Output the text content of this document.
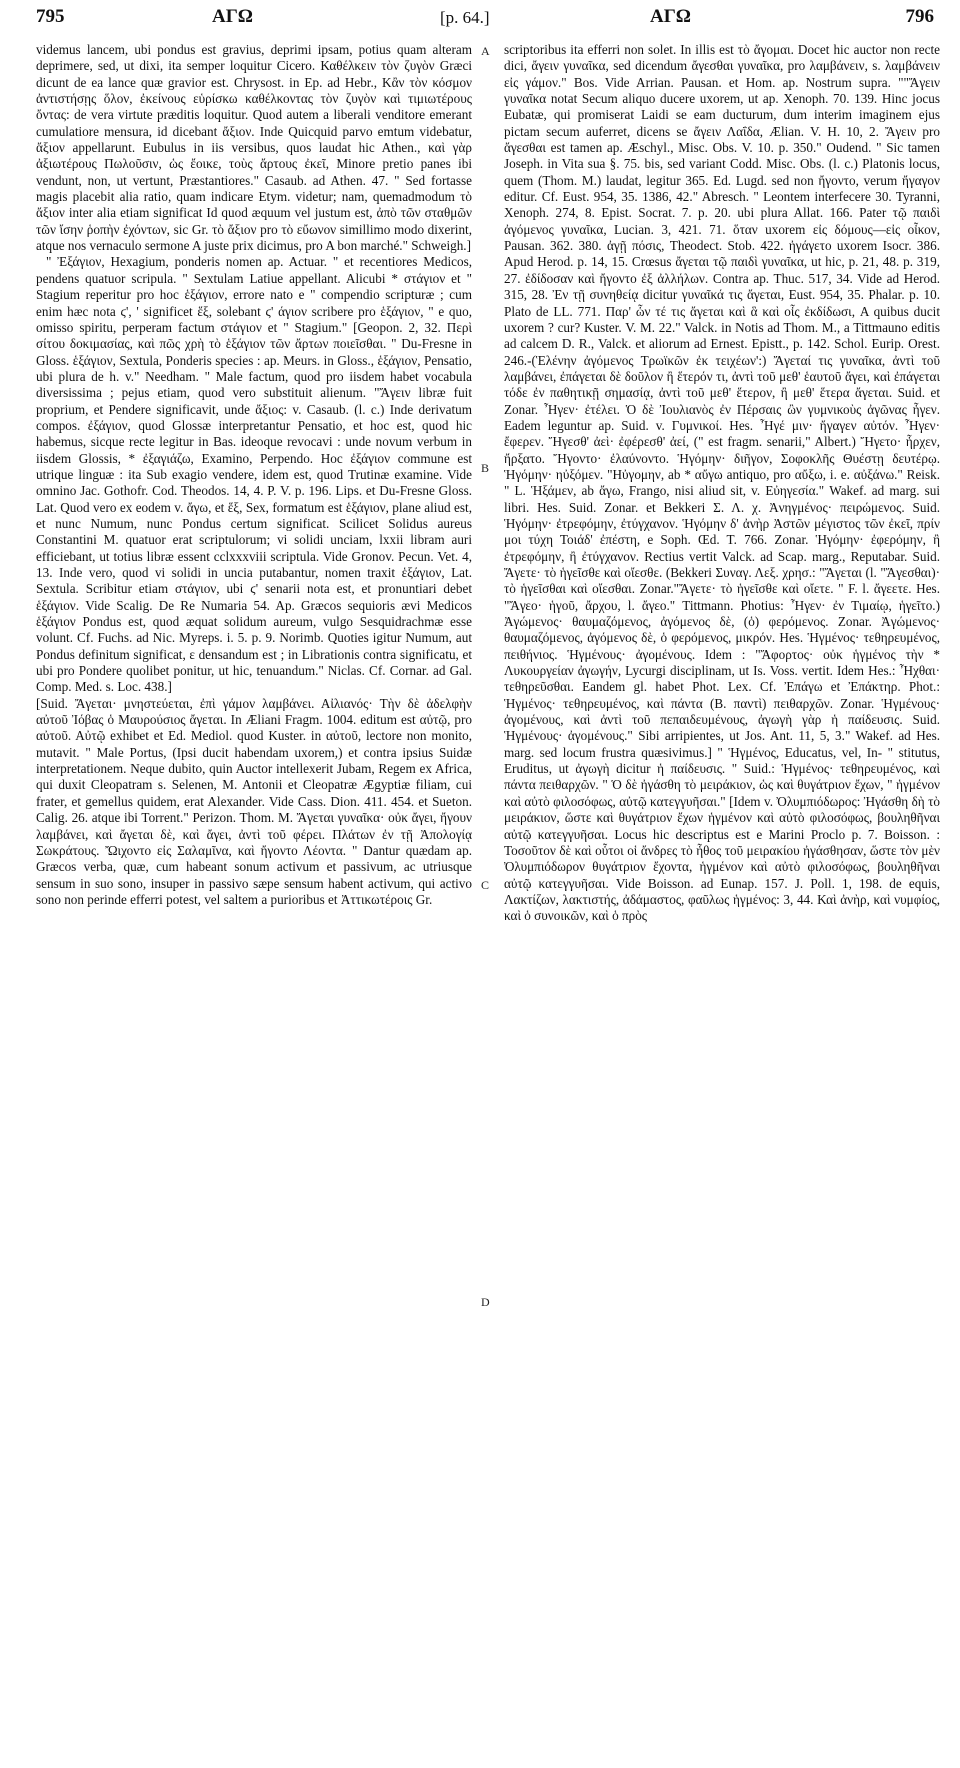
795	ΑΓΩ	[p. 64.]	ΑΓΩ	796
A
B
C
D

videmus lancem, ubi pondus est gravius, deprimi ipsam, potius quam alteram deprimere, sed, ut dixi, ita semper loquitur Cicero. Καθέλκειν τὸν ζυγὸν Græci dicunt de ea lance quæ gravior est. Chrysost. in Ep. ad Hebr., Κἂν τὸν κόσμον ἀντιστήσῃς ὅλον, ἐκείνους εὑρίσκω καθέλκοντας τὸν ζυγὸν καὶ τιμιωτέρους ὄντας: de vera virtute præditis loquitur. Quod autem a liberali venditore emerant cumulatiore mensura, id dicebant ἄξιον. Inde Quicquid parvo emtum videbatur, ἄξιον appellarunt. Eubulus in iis versibus, quos laudat hic Athen., καὶ γὰρ ἀξιωτέρους Πωλοῦσιν, ὡς ἔοικε, τοὺς ἄρτους ἐκεῖ, Minore pretio panes ibi vendunt, non, ut vertunt, Præstantiores." Casaub. ad Athen. 47. " Sed fortasse magis placebit alia ratio, quam indicare Etym. videtur; nam, quemadmodum τὸ ἄξιον inter alia etiam significat Id quod æquum vel justum est, ἀπὸ τῶν σταθμῶν τῶν ἴσην ῥοπὴν ἐχόντων, sic Gr. τὸ ἄξιον pro τὸ εὔωνον simillimo modo dixerint, atque nos vernaculo sermone A juste prix dicimus, pro A bon marché." Schweigh.]

" Ἐξάγιον, Hexagium, ponderis nomen ap. Actuar. " et recentiores Medicos, pendens quatuor scripula. " Sextulam Latiue appellant. Alicubi * στάγιον et " Stagium reperitur pro hoc ἑξάγιον, errore nato e " compendio scripturæ ; cum enim hæc nota ϛ', ' significet ἕξ, solebant ϛ' άγιον scribere pro ἑξάγιον, " e quo, omisso spiritu, perperam factum στάγιον et " Stagium." [Geopon. 2, 32. Περὶ σίτου δοκιμασίας, καὶ πῶς χρὴ τὸ ἑξάγιον τῶν ἄρτων ποιεῖσθαι. " Du-Fresne in Gloss. ἑξάγιον, Sextula, Ponderis species : ap. Meurs. in Gloss., ἑξάγιον, Pensatio, ubi plura de h. v." Needham. " Male factum, quod pro iisdem habet vocabula diversissima ; pejus etiam, quod vero substituit alienum. "Ἄγειν libræ fuit proprium, et Pendere significavit, unde ἄξιος: v. Casaub. (l. c.) Inde derivatum compos. ἐξάγιον, quod Glossæ interpretantur Pensatio, et hoc est, quod hic habemus, sicque recte legitur in Bas. ideoque revocavi : unde novum verbum in iisdem Glossis, * ἐξαγιάζω, Examino, Perpendo. Hoc ἐξάγιον commune est utrique linguæ : ita Sub exagio vendere, idem est, quod Trutinæ examine. Vide omnino Jac. Gothofr. Cod. Theodos. 14, 4. P. V. p. 196. Lips. et Du-Fresne Gloss. Lat. Quod vero ex eodem v. ἄγω, et ἕξ, Sex, formatum est ἑξάγιον, plane aliud est, et nunc Numum, nunc Pondus certum significat. Scilicet Solidus aureus Constantini M. quatuor erat scriptulorum; vi solidi unciam, lxxii libram auri efficiebant, ut totius libræ essent cclxxxviii scriptula. Vide Gronov. Pecun. Vet. 4, 13. Inde vero, quod vi solidi in uncia putabantur, nomen traxit ἑξάγιον, Lat. Sextula. Scribitur etiam στάγιον, ubi ϛ' senarii nota est, et pronuntiari debet ἑξάγιον. Vide Scalig. De Re Numaria 54. Ap. Græcos sequioris ævi Medicos ἑξάγιον Pondus est, quod æquat solidum aureum, vulgo Sesquidrachmæ esse volunt. Cf. Fuchs. ad Nic. Myreps. i. 5. p. 9. Norimb. Quoties igitur Numum, aut Pondus definitum significat, ε densandum est ; in Librationis contra significatu, et ubi pro Pondere quolibet ponitur, ut hic, tenuandum." Niclas. Cf. Cornar. ad Gal. Comp. Med. s. Loc. 438.]

[Suid. Ἄγεται· μνηστεύεται, ἐπὶ γάμον λαμβάνει. Αἰλιανός· Τὴν δὲ ἀδελφὴν αὐτοῦ Ἰόβας ὁ Μαυρούσιος ἄγεται. In Æliani Fragm. 1004. editum est αὐτῷ, pro αὐτοῦ. Αὐτῷ exhibet et Ed. Mediol. quod Kuster. in αὐτοῦ, lectore non monito, mutavit. " Male Portus, (Ipsi ducit habendam uxorem,) et contra ipsius Suidæ interpretationem. Neque dubito, quin Auctor intellexerit Jubam, Regem ex Africa, qui duxit Cleopatram s. Selenen, M. Antonii et Cleopatræ Ægyptiæ filiam, cui frater, et gemellus quidem, erat Alexander. Vide Cass. Dion. 411. 454. et Sueton. Calig. 26. atque ibi Torrent." Perizon. Thom. M. Ἄγεται γυναῖκα· οὐκ ἄγει, ἤγουν λαμβάνει, καὶ ἄγεται δὲ, καὶ ἄγει, ἀντὶ τοῦ φέρει. Πλάτων ἐν τῇ Ἀπολογίᾳ Σωκράτους. Ὤιχοντο εἰς Σαλαμῖνα, καὶ ἤγοντο Λέοντα. " Dantur quædam ap. Græcos verba, quæ, cum habeant sonum activum et passivum, ac utriusque sensum in suo sono, insuper in passivo sæpe sensum habent activum, qui activo sono non perinde efferri potest, vel saltem a purioribus et Ἀττικωτέροις Gr.

scriptoribus ita efferri non solet. In illis est τὸ ἄγομαι. Docet hic auctor non recte dici, ἄγειν γυναῖκα, sed dicendum ἄγεσθαι γυναῖκα, pro λαμβάνειν, s. λαμβάνειν εἰς γάμον." Bos. Vide Arrian. Pausan. et Hom. ap. Nostrum supra. ""Ἄγειν γυναῖκα notat Secum aliquo ducere uxorem, ut ap. Xenoph. 70. 139. Hinc jocus Eubatæ, qui promiserat Laidi se eam ducturum, dum interim imaginem ejus pictam secum auferret, dicens se ἄγειν Λαΐδα, Ælian. V. H. 10, 2. Ἄγειν pro ἄγεσθαι est tamen ap. Æschyl., Misc. Obs. V. 10. p. 350." Oudend. " Sic tamen Joseph. in Vita sua §. 75. bis, sed variant Codd. Misc. Obs. (l. c.) Platonis locus, quem (Thom. M.) laudat, legitur 365. Ed. Lugd. sed non ἤγοντο, verum ἤγαγον editur. Cf. Eust. 954, 35. 1386, 42." Abresch. " Leontem interfecere 30. Tyranni, Xenoph. 274, 8. Epist. Socrat. 7. p. 20. ubi plura Allat. 166. Pater τῷ παιδὶ ἀγόμενος γυναῖκα, Lucian. 3, 421. 71. ὅταν uxorem εἰς δόμους—εἰς οἶκον, Pausan. 362. 380. ἀγῇ πόσις, Theodect. Stob. 422. ἠγάγετο uxorem Isocr. 386. Apud Herod. p. 14, 15. Crœsus ἄγεται τῷ παιδὶ γυναῖκα, ut hic, p. 21, 48. p. 319, 27. ἐδίδοσαν καὶ ἤγοντο ἐξ ἀλλήλων. Contra ap. Thuc. 517, 34. Vide ad Herod. 315, 28. Ἐν τῇ συνηθείᾳ dicitur γυναῖκά τις ἄγεται, Eust. 954, 35. Phalar. p. 10. Plato de LL. 771. Παρ' ὧν τέ τις ἄγεται καὶ ἃ καὶ οἷς ἐκδίδωσι, A quibus ducit uxorem ? cur? Kuster. V. M. 22." Valck. in Notis ad Thom. M., a Tittmauno editis ad calcem D. R., Valck. et aliorum ad Ernest. Epistt., p. 142. Schol. Eurip. Orest. 246.-(Ἑλένην ἀγόμενος Τρωϊκῶν ἐκ τειχέων':) Ἄγεταί τις γυναῖκα, ἀντὶ τοῦ λαμβάνει, ἐπάγεται δὲ δοῦλον ἢ ἕτερόν τι, ἀντὶ τοῦ μεθ' ἑαυτοῦ ἄγει, καὶ ἐπάγεται τόδε ἐν παθητικῇ σημασίᾳ, ἀντὶ τοῦ μεθ' ἕτερον, ἢ μεθ' ἕτερα ἄγεται. Suid. et Zonar. Ἦγεν· ἐτέλει. Ὁ δὲ Ἰουλιανὸς ἐν Πέρσαις ὢν γυμνικοὺς ἀγῶνας ἦγεν. Eadem leguntur ap. Suid. v. Γυμνικοί. Hes. Ἦγέ μιν· ἤγαγεν αὐτόν. Ἦγεν· ἔφερεν. Ἤγεσθ' ἀεὶ· ἐφέρεσθ' ἀεί, (" est fragm. senarii," Albert.) Ἤγετο· ἦρχεν, ἤρξατο. Ἤγοντο· ἐλαύνοντο. Ἡγόμην· διῆγον, Σοφοκλῆς Θυέστῃ δευτέρῳ. Ἡγόμην· ηὐξόμεν. "Ηὐγομην, ab * αὔγω antiquo, pro αὔξω, i. e. αὐξάνω." Reisk. " L. Ἡξάμεν, ab ἄγω, Frango, nisi aliud sit, v. Εὐηγεσία." Wakef. ad marg. sui libri. Hes. Suid. Zonar. et Bekkeri Σ. Λ. χ. Ἀνηγμένος· πειρώμενος. Suid. Ἡγόμην· ἐτρεφόμην, ἐτύγχανον. Ἡγόμην δ' ἀνὴρ Ἀστῶν μέγιστος τῶν ἐκεῖ, πρίν μοι τύχη Τοιάδ' ἐπέστη, e Soph. Œd. T. 766. Zonar. Ἡγόμην· ἐφερόμην, ἢ ἐτρεφόμην, ἢ ἐτύγχανον. Rectius vertit Valck. ad Scap. marg., Reputabar. Suid. Ἄγετε· τὸ ἡγεῖσθε καὶ οἴεσθε. (Bekkeri Συναγ. Λεξ. χρησ.: "Ἄγεται (l. "Ἄγεσθαι)· τὸ ἡγεῖσθαι καὶ οἴεσθαι. Zonar."Ἄγετε· τὸ ἡγεῖσθε καὶ οἴετε. " F. l. ἄγεετε. Hes. "Ἄγεο· ἡγοῦ, ἄρχου, l. ἄγεο." Tittmann. Photius: Ἦγεν· ἐν Τιμαίῳ, ἡγεῖτο.) Ἀγώμενος· θαυμαζόμενος, ἀγόμενος δὲ, (ὁ) φερόμενος. Zonar. Ἀγώμενος· θαυμαζόμενος, ἀγόμενος δὲ, ὁ φερόμενος, μικρόν. Hes. Ἡγμένος· τεθηρευμένος, πειθήνιος. Ἡγμένους· ἀγομένους. Idem : "Ἄφορτος· οὐκ ἡγμένος τὴν * Λυκουργείαν ἀγωγήν, Lycurgi disciplinam, ut Is. Voss. vertit. Idem Hes.: Ἦχθαι· τεθηρεῦσθαι. Eandem gl. habet Phot. Lex. Cf. Ἐπάγω et Ἐπάκτηρ. Phot.: Ἡγμένος· τεθηρευμένος, καὶ πάντα (B. παντὶ) πειθαρχῶν. Zonar. Ἡγμένους· ἀγομένους, καὶ ἀντὶ τοῦ πεπαιδευμένους, ἀγωγὴ γὰρ ἡ παίδευσις. Suid. Ἡγμένους· ἀγομένους." Sibi arripientes, ut Jos. Ant. 11, 5, 3." Wakef. ad Hes. marg. sed locum frustra quæsivimus.] " Ἡγμένος, Educatus, vel, In- " stitutus, Eruditus, ut ἀγωγὴ dicitur ἡ παίδευσις. " Suid.: Ἡγμένος· τεθηρευμένος, καὶ πάντα πειθαρχῶν. " Ὁ δὲ ἠγάσθη τὸ μειράκιον, ὡς καὶ θυγάτριον ἔχων, " ἡγμένον καὶ αὐτὸ φιλοσόφως, αὐτῷ κατεγγυῆσαι." [Idem v. Ὀλυμπιόδωρος: Ἠγάσθη δὴ τὸ μειράκιον, ὥστε καὶ θυγάτριον ἔχων ἡγμένον καὶ αὐτὸ φιλοσόφως, βουληθῆναι αὐτῷ κατεγγυῆσαι. Locus hic descriptus est e Marini Proclo p. 7. Boisson. : Τοσοῦτον δὲ καὶ οὗτοι οἱ ἄνδρες τὸ ἦθος τοῦ μειρακίου ἠγάσθησαν, ὥστε τὸν μὲν Ὀλυμπιόδωρον θυγάτριον ἔχοντα, ἡγμένον καὶ αὐτὸ φιλοσόφως, βουληθῆναι αὐτῷ κατεγγυῆσαι. Vide Boisson. ad Eunap. 157. J. Poll. 1, 198. de equis, Λακτίζων, λακτιστής, ἀδάμαστος, φαῦλως ἡγμένος: 3, 44. Καὶ ἀνὴρ, καὶ νυμφίος, καὶ ὁ συνοικῶν, καὶ ὁ πρὸς
